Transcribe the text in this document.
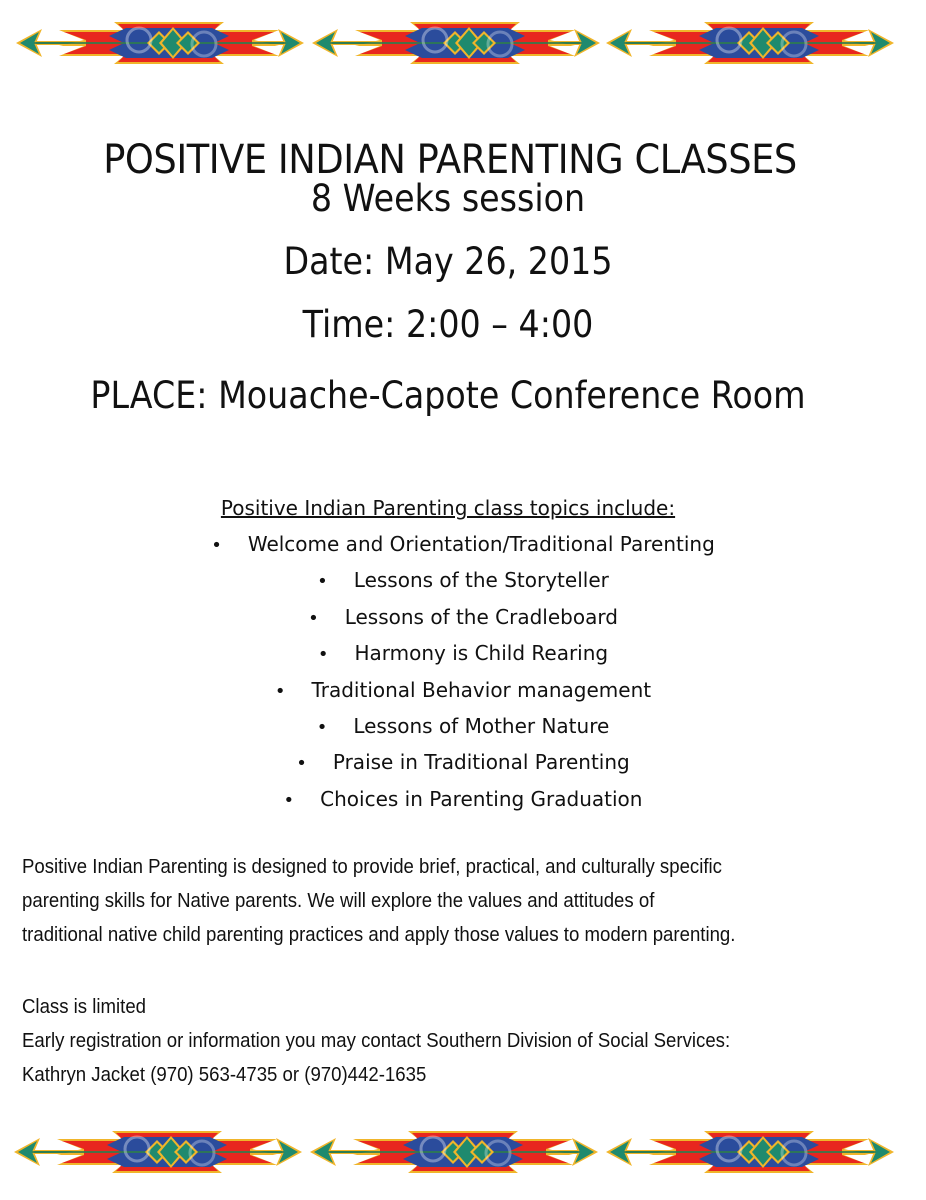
POSITIVE INDIAN PARENTING CLASSES
8 Weeks session
Date: May 26, 2015
Time: 2:00 – 4:00
PLACE: Mouache-Capote Conference Room
Positive Indian Parenting class topics include:
• Welcome and Orientation/Traditional Parenting
• Lessons of the Storyteller
• Lessons of the Cradleboard
• Harmony is Child Rearing
• Traditional Behavior management
• Lessons of Mother Nature
• Praise in Traditional Parenting
• Choices in Parenting Graduation
Positive Indian Parenting is designed to provide brief, practical, and culturally specific
parenting skills for Native parents. We will explore the values and attitudes of
traditional native child parenting practices and apply those values to modern parenting.
Class is limited
Early registration or information you may contact Southern Division of Social Services:
Kathryn Jacket (970) 563-4735 or (970)442-1635
